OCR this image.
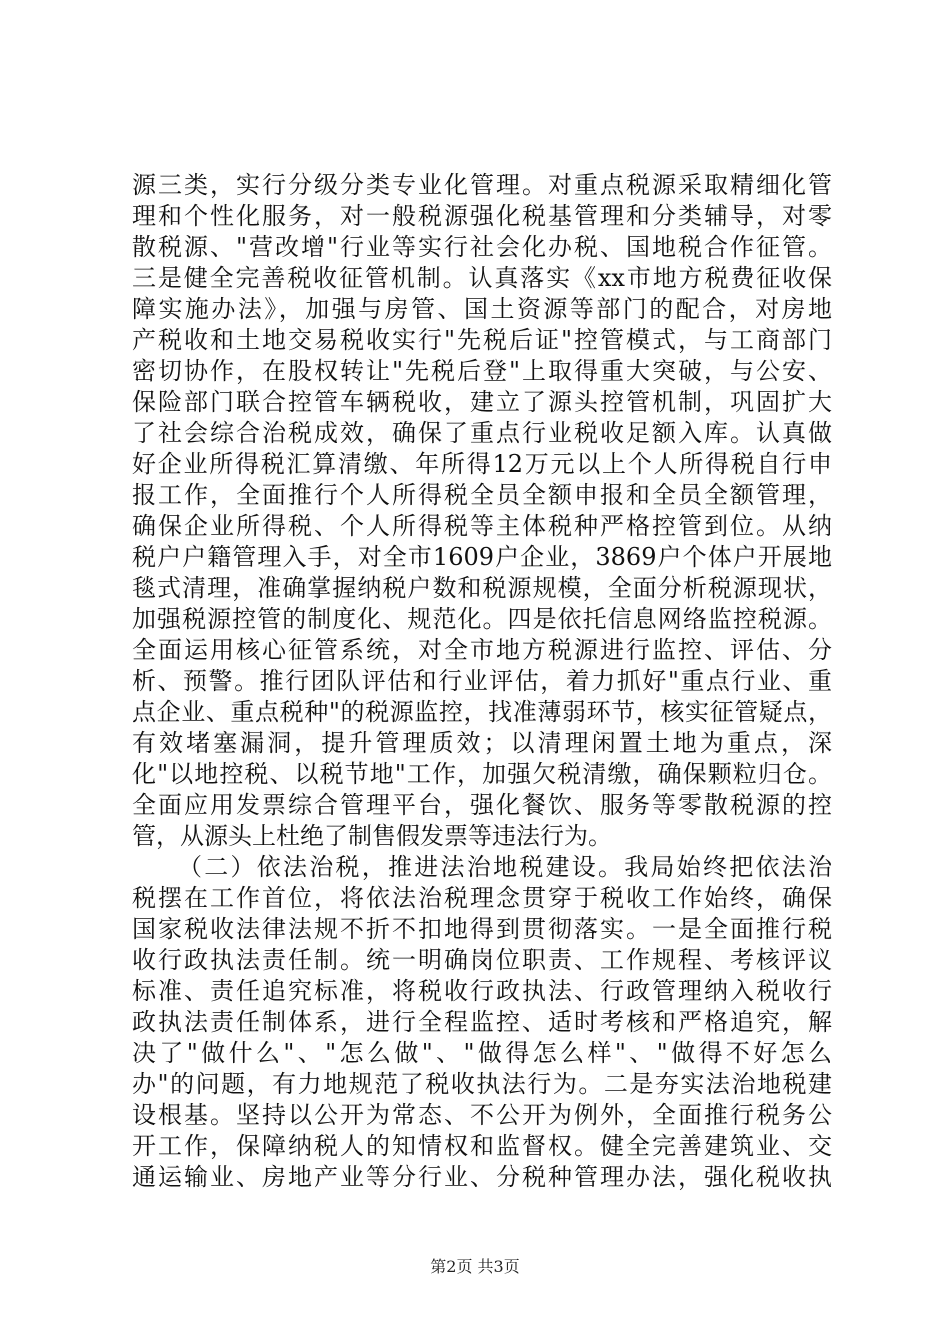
源三类，实行分级分类专业化管理。对重点税源采取精细化管
理和个性化服务，对一般税源强化税基管理和分类辅导，对零
散税源、"营改增"行业等实行社会化办税、国地税合作征管。
三是健全完善税收征管机制。认真落实《xx市地方税费征收保
障实施办法》，加强与房管、国土资源等部门的配合，对房地
产税收和土地交易税收实行"先税后证"控管模式，与工商部门
密切协作，在股权转让"先税后登"上取得重大突破，与公安、
保险部门联合控管车辆税收，建立了源头控管机制，巩固扩大
了社会综合治税成效，确保了重点行业税收足额入库。认真做
好企业所得税汇算清缴、年所得12万元以上个人所得税自行申
报工作，全面推行个人所得税全员全额申报和全员全额管理，
确保企业所得税、个人所得税等主体税种严格控管到位。从纳
税户户籍管理入手，对全市1609户企业，3869户个体户开展地
毯式清理，准确掌握纳税户数和税源规模，全面分析税源现状，
加强税源控管的制度化、规范化。四是依托信息网络监控税源。
全面运用核心征管系统，对全市地方税源进行监控、评估、分
析、预警。推行团队评估和行业评估，着力抓好"重点行业、重
点企业、重点税种"的税源监控，找准薄弱环节，核实征管疑点，
有效堵塞漏洞，提升管理质效；以清理闲置土地为重点，深
化"以地控税、以税节地"工作，加强欠税清缴，确保颗粒归仓。
全面应用发票综合管理平台，强化餐饮、服务等零散税源的控
管，从源头上杜绝了制售假发票等违法行为。
（二）依法治税，推进法治地税建设。我局始终把依法治
税摆在工作首位，将依法治税理念贯穿于税收工作始终，确保
国家税收法律法规不折不扣地得到贯彻落实。一是全面推行税
收行政执法责任制。统一明确岗位职责、工作规程、考核评议
标准、责任追究标准，将税收行政执法、行政管理纳入税收行
政执法责任制体系，进行全程监控、适时考核和严格追究，解
决了"做什么"、"怎么做"、"做得怎么样"、"做得不好怎么
办"的问题，有力地规范了税收执法行为。二是夯实法治地税建
设根基。坚持以公开为常态、不公开为例外，全面推行税务公
开工作，保障纳税人的知情权和监督权。健全完善建筑业、交
通运输业、房地产业等分行业、分税种管理办法，强化税收执
第2页 共3页
